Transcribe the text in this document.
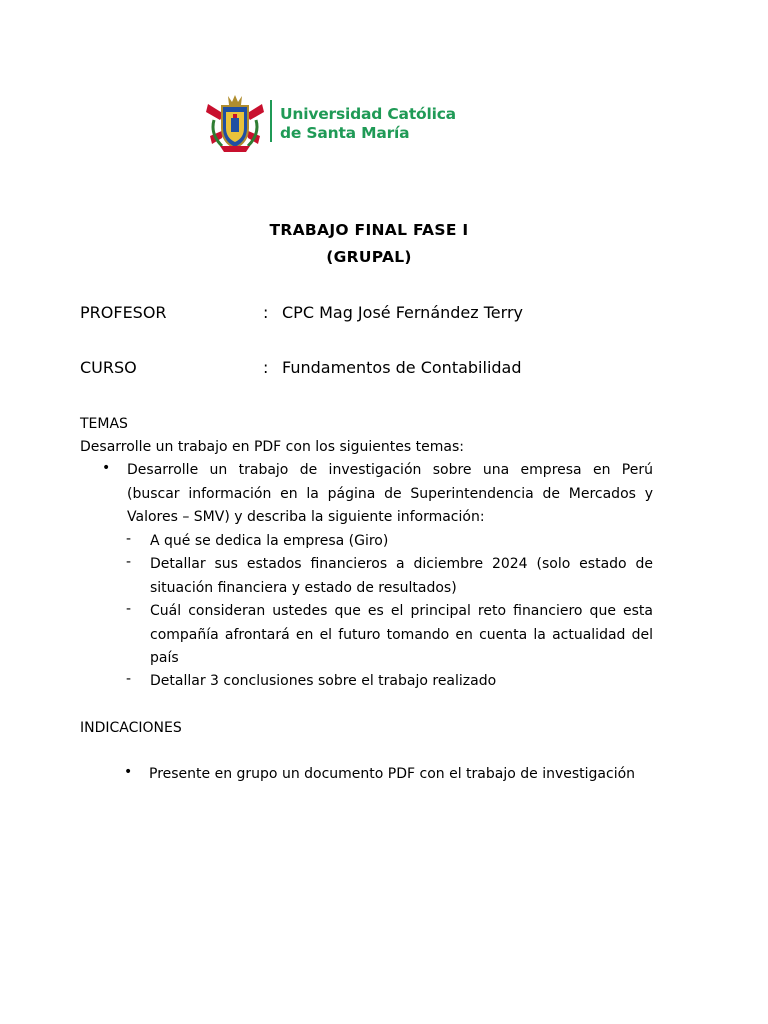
Universidad Católica
de Santa María
TRABAJO FINAL FASE I
(GRUPAL)
PROFESOR	: CPC Mag José Fernández Terry
CURSO	: Fundamentos de Contabilidad
TEMAS
Desarrolle un trabajo en PDF con los siguientes temas:
• Desarrolle un trabajo de investigación sobre una empresa en Perú
(buscar información en la página de Superintendencia de Mercados y
Valores – SMV) y describa la siguiente información:
- A qué se dedica la empresa (Giro)
- Detallar sus estados financieros a diciembre 2024 (solo estado de
situación financiera y estado de resultados)
- Cuál consideran ustedes que es el principal reto financiero que esta
compañía afrontará en el futuro tomando en cuenta la actualidad del
país
- Detallar 3 conclusiones sobre el trabajo realizado
INDICACIONES
• Presente en grupo un documento PDF con el trabajo de investigación
